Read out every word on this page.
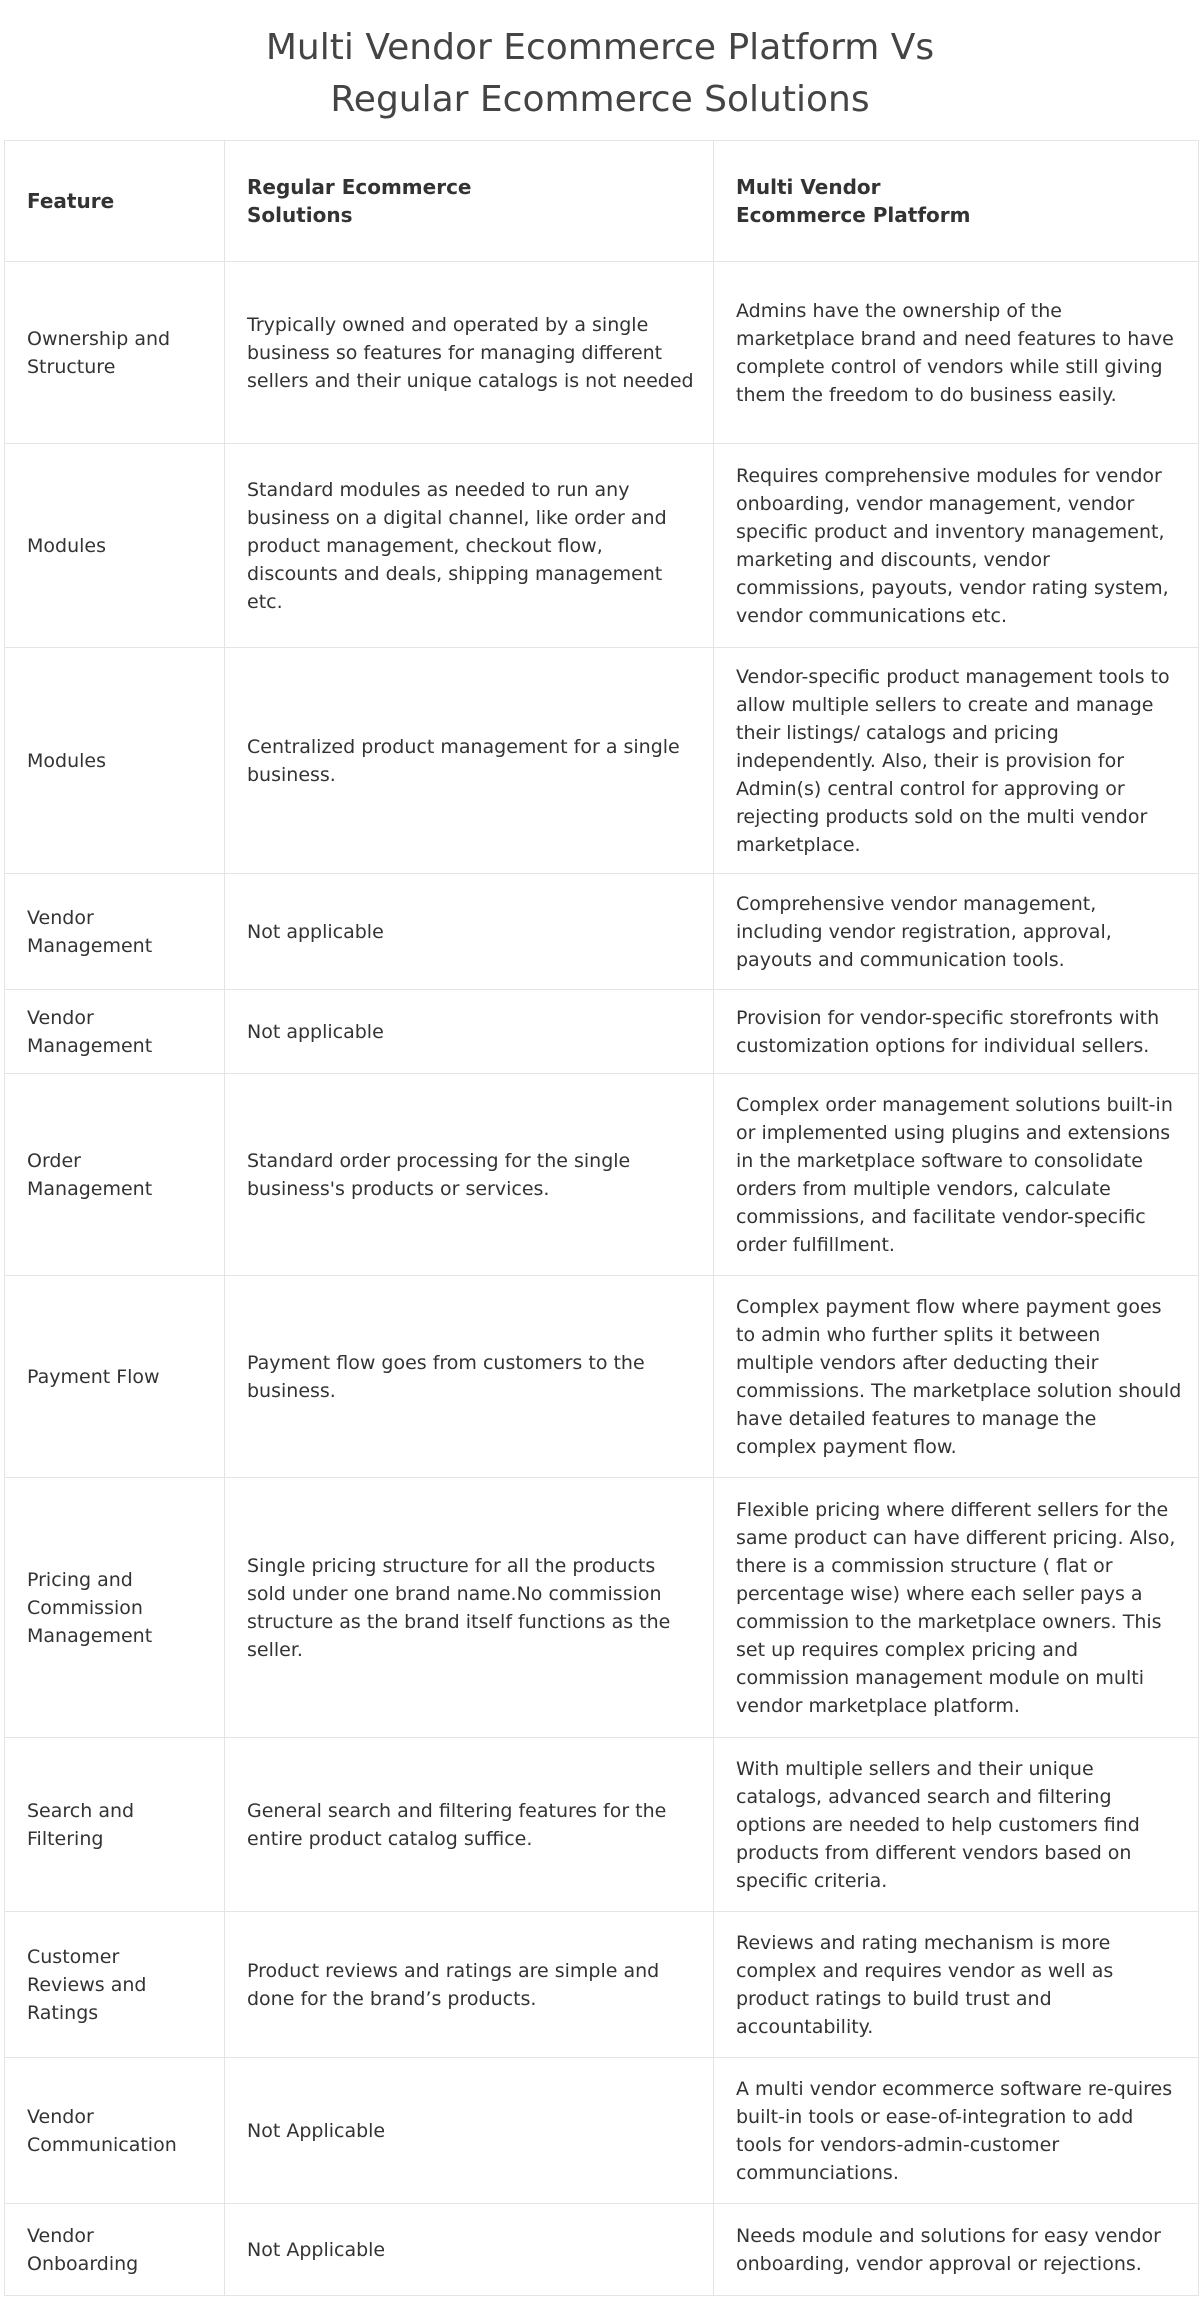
Multi Vendor Ecommerce Platform Vs
Regular Ecommerce Solutions
Feature	Regular Ecommerce Solutions	Multi Vendor Ecommerce Platform
Ownership and Structure	Trypically owned and operated by a single business so features for managing different sellers and their unique catalogs is not needed	Admins have the ownership of the marketplace brand and need features to have complete control of vendors while still giving them the freedom to do business easily.
Modules	Standard modules as needed to run any business on a digital channel, like order and product management, checkout flow, discounts and deals, shipping management etc.	Requires comprehensive modules for vendor onboarding, vendor management, vendor specific product and inventory management, marketing and discounts, vendor commissions, payouts, vendor rating system, vendor communications etc.
Modules	Centralized product management for a single business.	Vendor-specific product management tools to allow multiple sellers to create and manage their listings/ catalogs and pricing independently. Also, their is provision for Admin(s) central control for approving or rejecting products sold on the multi vendor marketplace.
Vendor Management	Not applicable	Comprehensive vendor management, including vendor registration, approval, payouts and communication tools.
Vendor Management	Not applicable	Provision for vendor-specific storefronts with customization options for individual sellers.
Order Management	Standard order processing for the single business's products or services.	Complex order management solutions built-in or implemented using plugins and extensions in the marketplace software to consolidate orders from multiple vendors, calculate commissions, and facilitate vendor-specific order fulfillment.
Payment Flow	Payment flow goes from customers to the business.	Complex payment flow where payment goes to admin who further splits it between multiple vendors after deducting their commissions. The marketplace solution should have detailed features to manage the complex payment flow.
Pricing and Commission Management	Single pricing structure for all the products sold under one brand name.No commission structure as the brand itself functions as the seller.	Flexible pricing where different sellers for the same product can have different pricing. Also, there is a commission structure ( flat or percentage wise) where each seller pays a commission to the marketplace owners. This set up requires complex pricing and commission management module on multi vendor marketplace platform.
Search and Filtering	General search and filtering features for the entire product catalog suffice.	With multiple sellers and their unique catalogs, advanced search and filtering options are needed to help customers find products from different vendors based on specific criteria.
Customer Reviews and Ratings	Product reviews and ratings are simple and done for the brand’s products.	Reviews and rating mechanism is more complex and requires vendor as well as product ratings to build trust and accountability.
Vendor Communication	Not Applicable	A multi vendor ecommerce software re-quires built-in tools or ease-of-integration to add tools for vendors-admin-customer communciations.
Vendor Onboarding	Not Applicable	Needs module and solutions for easy vendor onboarding, vendor approval or rejections.
